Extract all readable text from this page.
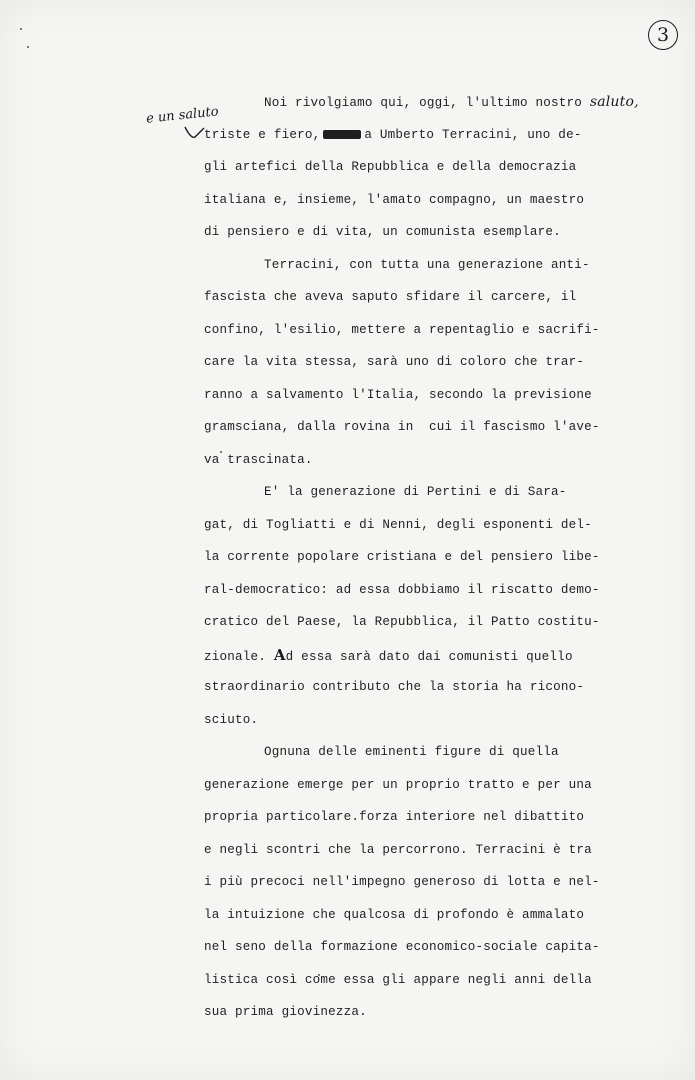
3
e un saluto
Noi rivolgiamo qui, oggi, l'ultimo nostro saluto,
triste e fiero,	a Umberto Terracini, uno de-
gli artefici della Repubblica e della democrazia
italiana e, insieme, l'amato compagno, un maestro
di pensiero e di vita, un comunista esemplare.
Terracini, con tutta una generazione anti-
fascista che aveva saputo sfidare il carcere, il
confino, l'esilio, mettere a repentaglio e sacrifi-
care la vita stessa, sarà uno di coloro che trar-
ranno a salvamento l'Italia, secondo la previsione
gramsciana, dalla rovina in  cui il fascismo l'ave-
va trascinata.
E' la generazione di Pertini e di Sara-
gat, di Togliatti e di Nenni, degli esponenti del-
la corrente popolare cristiana e del pensiero libe-
ral-democratico: ad essa dobbiamo il riscatto demo-
cratico del Paese, la Repubblica, il Patto costitu-
zionale. Ad essa sarà dato dai comunisti quello
straordinario contributo che la storia ha ricono-
sciuto.
Ognuna delle eminenti figure di quella
generazione emerge per un proprio tratto e per una
propria particolare.forza interiore nel dibattito
e negli scontri che la percorrono. Terracini è tra
i più precoci nell'impegno generoso di lotta e nel-
la intuizione che qualcosa di profondo è ammalato
nel seno della formazione economico-sociale capita-
listica così come essa gli appare negli anni della
sua prima giovinezza.
